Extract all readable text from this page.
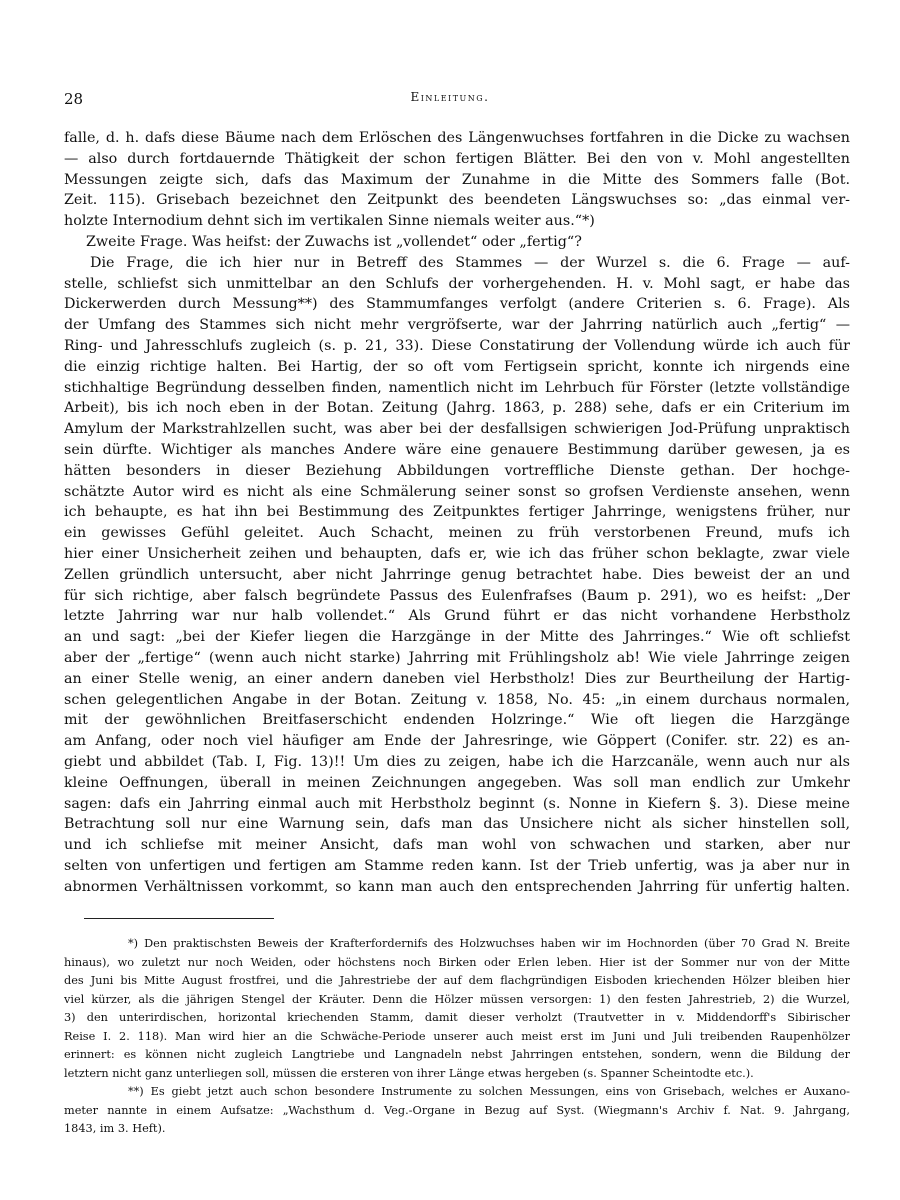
28	Einleitung.
falle, d. h. dafs diese Bäume nach dem Erlöschen des Längenwuchses fortfahren in die Dicke zu wachsen
— also durch fortdauernde Thätigkeit der schon fertigen Blätter. Bei den von v. Mohl angestellten
Messungen zeigte sich, dafs das Maximum der Zunahme in die Mitte des Sommers falle (Bot.
Zeit. 115). Grisebach bezeichnet den Zeitpunkt des beendeten Längswuchses so: „das einmal ver-
holzte Internodium dehnt sich im vertikalen Sinne niemals weiter aus.“*)
Zweite Frage. Was heifst: der Zuwachs ist „vollendet“ oder „fertig“?
Die Frage, die ich hier nur in Betreff des Stammes — der Wurzel s. die 6. Frage — auf-
stelle, schliefst sich unmittelbar an den Schlufs der vorhergehenden. H. v. Mohl sagt, er habe das
Dickerwerden durch Messung**) des Stammumfanges verfolgt (andere Criterien s. 6. Frage). Als
der Umfang des Stammes sich nicht mehr vergröfserte, war der Jahrring natürlich auch „fertig“ —
Ring- und Jahresschlufs zugleich (s. p. 21, 33). Diese Constatirung der Vollendung würde ich auch für
die einzig richtige halten. Bei Hartig, der so oft vom Fertigsein spricht, konnte ich nirgends eine
stichhaltige Begründung desselben finden, namentlich nicht im Lehrbuch für Förster (letzte vollständige
Arbeit), bis ich noch eben in der Botan. Zeitung (Jahrg. 1863, p. 288) sehe, dafs er ein Criterium im
Amylum der Markstrahlzellen sucht, was aber bei der desfallsigen schwierigen Jod-Prüfung unpraktisch
sein dürfte. Wichtiger als manches Andere wäre eine genauere Bestimmung darüber gewesen, ja es
hätten besonders in dieser Beziehung Abbildungen vortreffliche Dienste gethan. Der hochge-
schätzte Autor wird es nicht als eine Schmälerung seiner sonst so grofsen Verdienste ansehen, wenn
ich behaupte, es hat ihn bei Bestimmung des Zeitpunktes fertiger Jahrringe, wenigstens früher, nur
ein gewisses Gefühl geleitet. Auch Schacht, meinen zu früh verstorbenen Freund, mufs ich
hier einer Unsicherheit zeihen und behaupten, dafs er, wie ich das früher schon beklagte, zwar viele
Zellen gründlich untersucht, aber nicht Jahrringe genug betrachtet habe. Dies beweist der an und
für sich richtige, aber falsch begründete Passus des Eulenfrafses (Baum p. 291), wo es heifst: „Der
letzte Jahrring war nur halb vollendet.“ Als Grund führt er das nicht vorhandene Herbstholz
an und sagt: „bei der Kiefer liegen die Harzgänge in der Mitte des Jahrringes.“ Wie oft schliefst
aber der „fertige“ (wenn auch nicht starke) Jahrring mit Frühlingsholz ab! Wie viele Jahrringe zeigen
an einer Stelle wenig, an einer andern daneben viel Herbstholz! Dies zur Beurtheilung der Hartig-
schen gelegentlichen Angabe in der Botan. Zeitung v. 1858, No. 45: „in einem durchaus normalen,
mit der gewöhnlichen Breitfaserschicht endenden Holzringe.“ Wie oft liegen die Harzgänge
am Anfang, oder noch viel häufiger am Ende der Jahresringe, wie Göppert (Conifer. str. 22) es an-
giebt und abbildet (Tab. I, Fig. 13)!! Um dies zu zeigen, habe ich die Harzcanäle, wenn auch nur als
kleine Oeffnungen, überall in meinen Zeichnungen angegeben. Was soll man endlich zur Umkehr
sagen: dafs ein Jahrring einmal auch mit Herbstholz beginnt (s. Nonne in Kiefern §. 3). Diese meine
Betrachtung soll nur eine Warnung sein, dafs man das Unsichere nicht als sicher hinstellen soll,
und ich schliefse mit meiner Ansicht, dafs man wohl von schwachen und starken, aber nur
selten von unfertigen und fertigen am Stamme reden kann. Ist der Trieb unfertig, was ja aber nur in
abnormen Verhältnissen vorkommt, so kann man auch den entsprechenden Jahrring für unfertig halten.
*) Den praktischsten Beweis der Krafterfordernifs des Holzwuchses haben wir im Hochnorden (über 70 Grad N. Breite
hinaus), wo zuletzt nur noch Weiden, oder höchstens noch Birken oder Erlen leben. Hier ist der Sommer nur von der Mitte
des Juni bis Mitte August frostfrei, und die Jahrestriebe der auf dem flachgründigen Eisboden kriechenden Hölzer bleiben hier
viel kürzer, als die jährigen Stengel der Kräuter. Denn die Hölzer müssen versorgen: 1) den festen Jahrestrieb, 2) die Wurzel,
3) den unterirdischen, horizontal kriechenden Stamm, damit dieser verholzt (Trautvetter in v. Middendorff's Sibirischer
Reise I. 2. 118). Man wird hier an die Schwäche-Periode unserer auch meist erst im Juni und Juli treibenden Raupenhölzer
erinnert: es können nicht zugleich Langtriebe und Langnadeln nebst Jahrringen entstehen, sondern, wenn die Bildung der
letztern nicht ganz unterliegen soll, müssen die ersteren von ihrer Länge etwas hergeben (s. Spanner Scheintodte etc.).
**) Es giebt jetzt auch schon besondere Instrumente zu solchen Messungen, eins von Grisebach, welches er Auxano-
meter nannte in einem Aufsatze: „Wachsthum d. Veg.-Organe in Bezug auf Syst. (Wiegmann's Archiv f. Nat. 9. Jahrgang,
1843, im 3. Heft).
